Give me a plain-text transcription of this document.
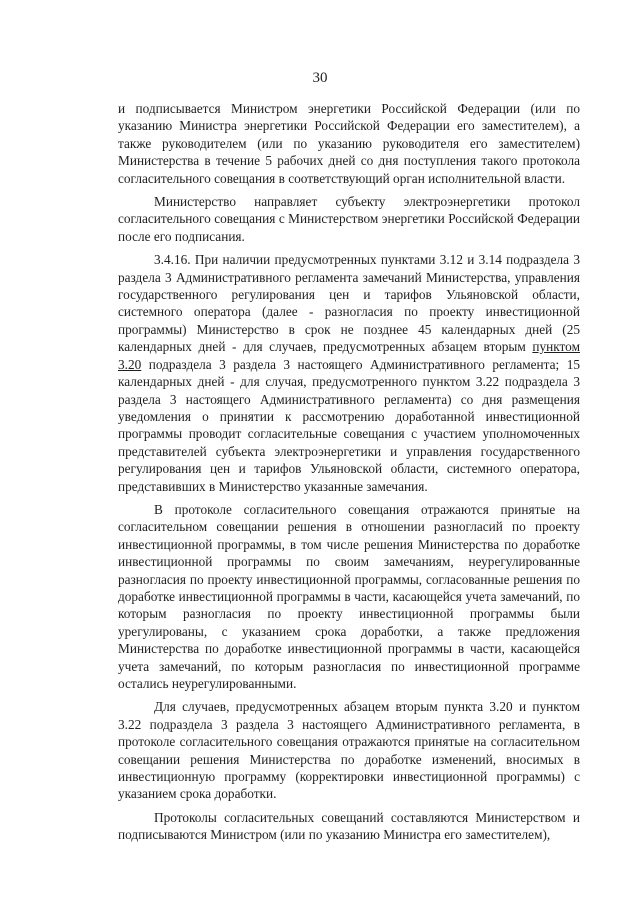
30

и подписывается Министром энергетики Российской Федерации (или по указанию Министра энергетики Российской Федерации его заместителем), а также руководителем (или по указанию руководителя его заместителем) Министерства в течение 5 рабочих дней со дня поступления такого протокола согласительного совещания в соответствующий орган исполнительной власти.

Министерство направляет субъекту электроэнергетики протокол согласительного совещания с Министерством энергетики Российской Федерации после его подписания.

3.4.16. При наличии предусмотренных пунктами 3.12 и 3.14 подраздела 3 раздела 3 Административного регламента замечаний Министерства, управления государственного регулирования цен и тарифов Ульяновской области, системного оператора (далее - разногласия по проекту инвестиционной программы) Министерство в срок не позднее 45 календарных дней (25 календарных дней - для случаев, предусмотренных абзацем вторым пунктом 3.20 подраздела 3 раздела 3 настоящего Административного регламента; 15 календарных дней - для случая, предусмотренного пунктом 3.22 подраздела 3 раздела 3 настоящего Административного регламента) со дня размещения уведомления о принятии к рассмотрению доработанной инвестиционной программы проводит согласительные совещания с участием уполномоченных представителей субъекта электроэнергетики и управления государственного регулирования цен и тарифов Ульяновской области, системного оператора, представивших в Министерство указанные замечания.

В протоколе согласительного совещания отражаются принятые на согласительном совещании решения в отношении разногласий по проекту инвестиционной программы, в том числе решения Министерства по доработке инвестиционной программы по своим замечаниям, неурегулированные разногласия по проекту инвестиционной программы, согласованные решения по доработке инвестиционной программы в части, касающейся учета замечаний, по которым разногласия по проекту инвестиционной программы были урегулированы, с указанием срока доработки, а также предложения Министерства по доработке инвестиционной программы в части, касающейся учета замечаний, по которым разногласия по инвестиционной программе остались неурегулированными.

Для случаев, предусмотренных абзацем вторым пункта 3.20 и пунктом 3.22 подраздела 3 раздела 3 настоящего Административного регламента, в протоколе согласительного совещания отражаются принятые на согласительном совещании решения Министерства по доработке изменений, вносимых в инвестиционную программу (корректировки инвестиционной программы) с указанием срока доработки.

Протоколы согласительных совещаний составляются Министерством и подписываются Министром (или по указанию Министра его заместителем),
